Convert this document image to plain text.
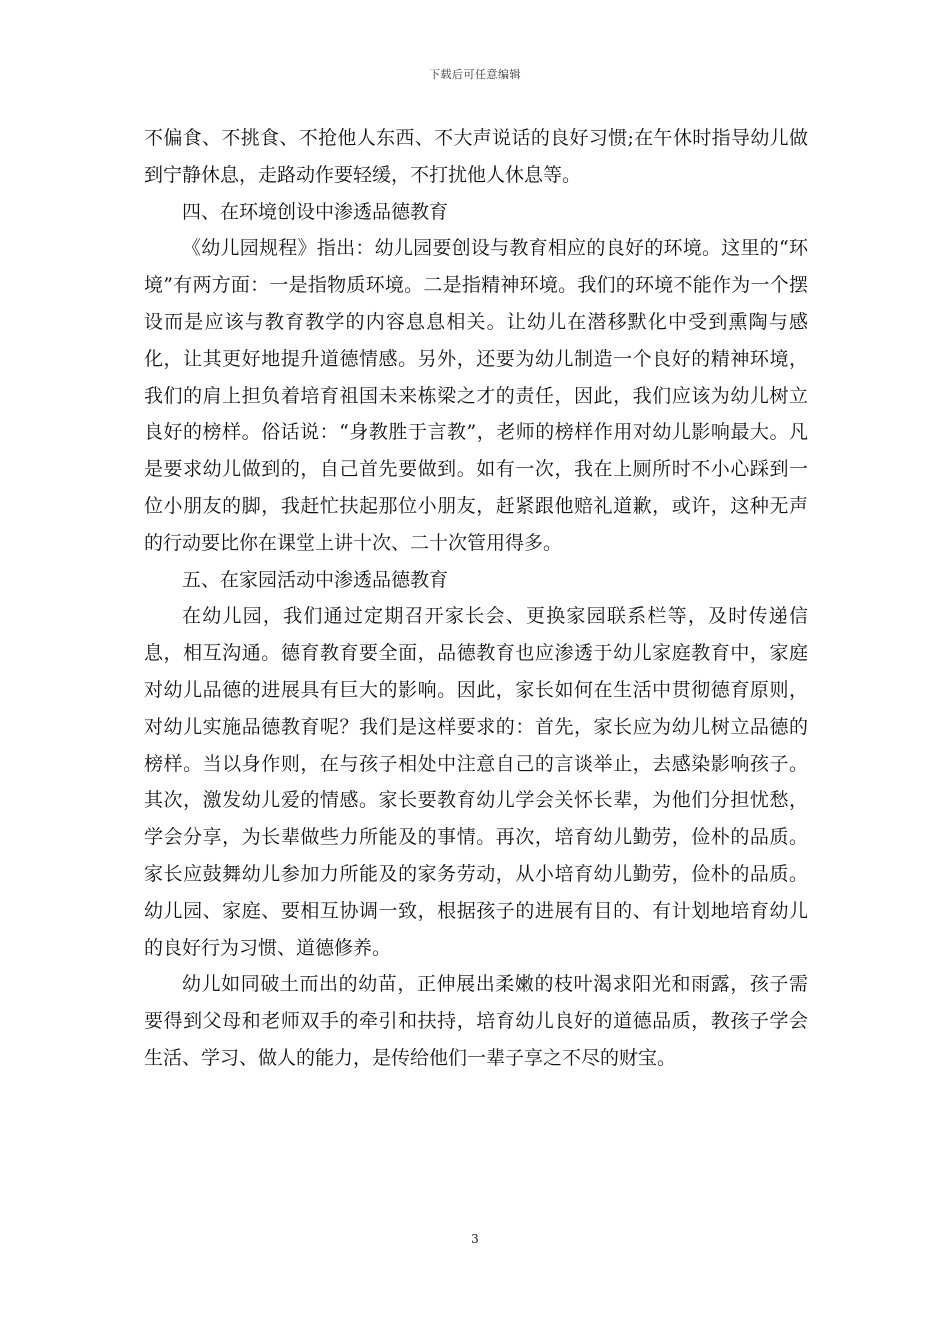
下载后可任意编辑

不偏食、不挑食、不抢他人东西、不大声说话的良好习惯;在午休时指导幼儿做到宁静休息，走路动作要轻缓，不打扰他人休息等。

四、在环境创设中渗透品德教育

《幼儿园规程》指出：幼儿园要创设与教育相应的良好的环境。这里的“环境”有两方面：一是指物质环境。二是指精神环境。我们的环境不能作为一个摆设而是应该与教育教学的内容息息相关。让幼儿在潜移默化中受到熏陶与感化，让其更好地提升道德情感。另外，还要为幼儿制造一个良好的精神环境，我们的肩上担负着培育祖国未来栋梁之才的责任，因此，我们应该为幼儿树立良好的榜样。俗话说：“身教胜于言教”，老师的榜样作用对幼儿影响最大。凡是要求幼儿做到的，自己首先要做到。如有一次，我在上厕所时不小心踩到一位小朋友的脚，我赶忙扶起那位小朋友，赶紧跟他赔礼道歉，或许，这种无声的行动要比你在课堂上讲十次、二十次管用得多。

五、在家园活动中渗透品德教育

在幼儿园，我们通过定期召开家长会、更换家园联系栏等，及时传递信息，相互沟通。德育教育要全面，品德教育也应渗透于幼儿家庭教育中，家庭对幼儿品德的进展具有巨大的影响。因此，家长如何在生活中贯彻德育原则，对幼儿实施品德教育呢？我们是这样要求的：首先，家长应为幼儿树立品德的榜样。当以身作则，在与孩子相处中注意自己的言谈举止，去感染影响孩子。其次，激发幼儿爱的情感。家长要教育幼儿学会关怀长辈，为他们分担忧愁，学会分享，为长辈做些力所能及的事情。再次，培育幼儿勤劳，俭朴的品质。家长应鼓舞幼儿参加力所能及的家务劳动，从小培育幼儿勤劳，俭朴的品质。幼儿园、家庭、要相互协调一致，根据孩子的进展有目的、有计划地培育幼儿的良好行为习惯、道德修养。

幼儿如同破土而出的幼苗，正伸展出柔嫩的枝叶渴求阳光和雨露，孩子需要得到父母和老师双手的牵引和扶持，培育幼儿良好的道德品质，教孩子学会生活、学习、做人的能力，是传给他们一辈子享之不尽的财宝。

3
